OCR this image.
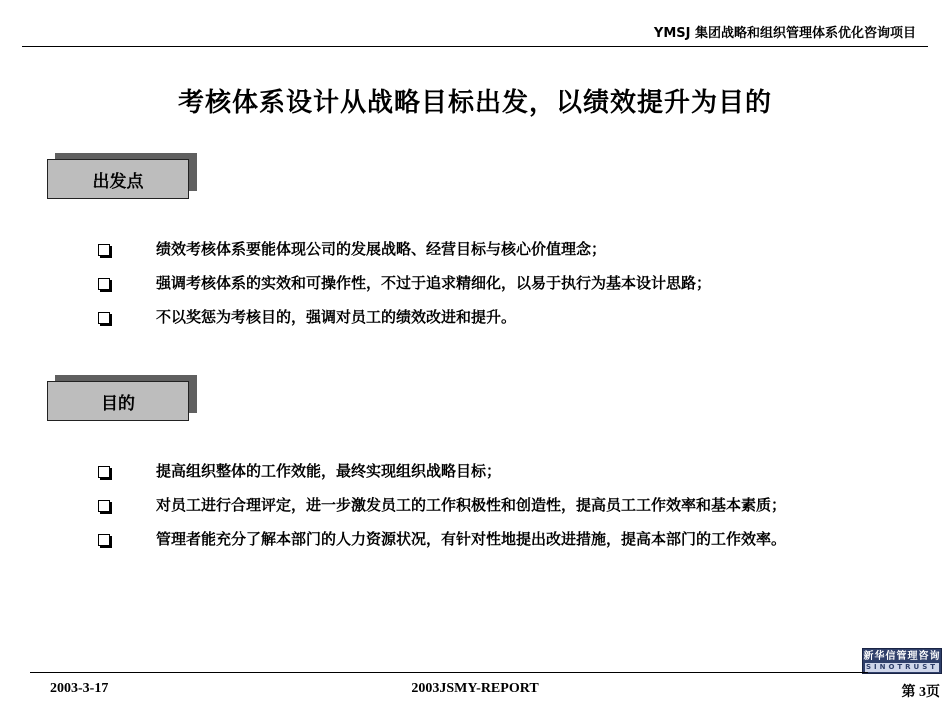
YMSJ 集团战略和组织管理体系优化咨询项目
考核体系设计从战略目标出发，以绩效提升为目的
出发点
绩效考核体系要能体现公司的发展战略、经营目标与核心价值理念；
强调考核体系的实效和可操作性，不过于追求精细化，以易于执行为基本设计思路；
不以奖惩为考核目的，强调对员工的绩效改进和提升。
目的
提高组织整体的工作效能，最终实现组织战略目标；
对员工进行合理评定，进一步激发员工的工作积极性和创造性，提高员工工作效率和基本素质；
管理者能充分了解本部门的人力资源状况，有针对性地提出改进措施，提高本部门的工作效率。
新华信管理咨询
SINOTRUST
2003-3-17	2003JSMY-REPORT	第 3页
